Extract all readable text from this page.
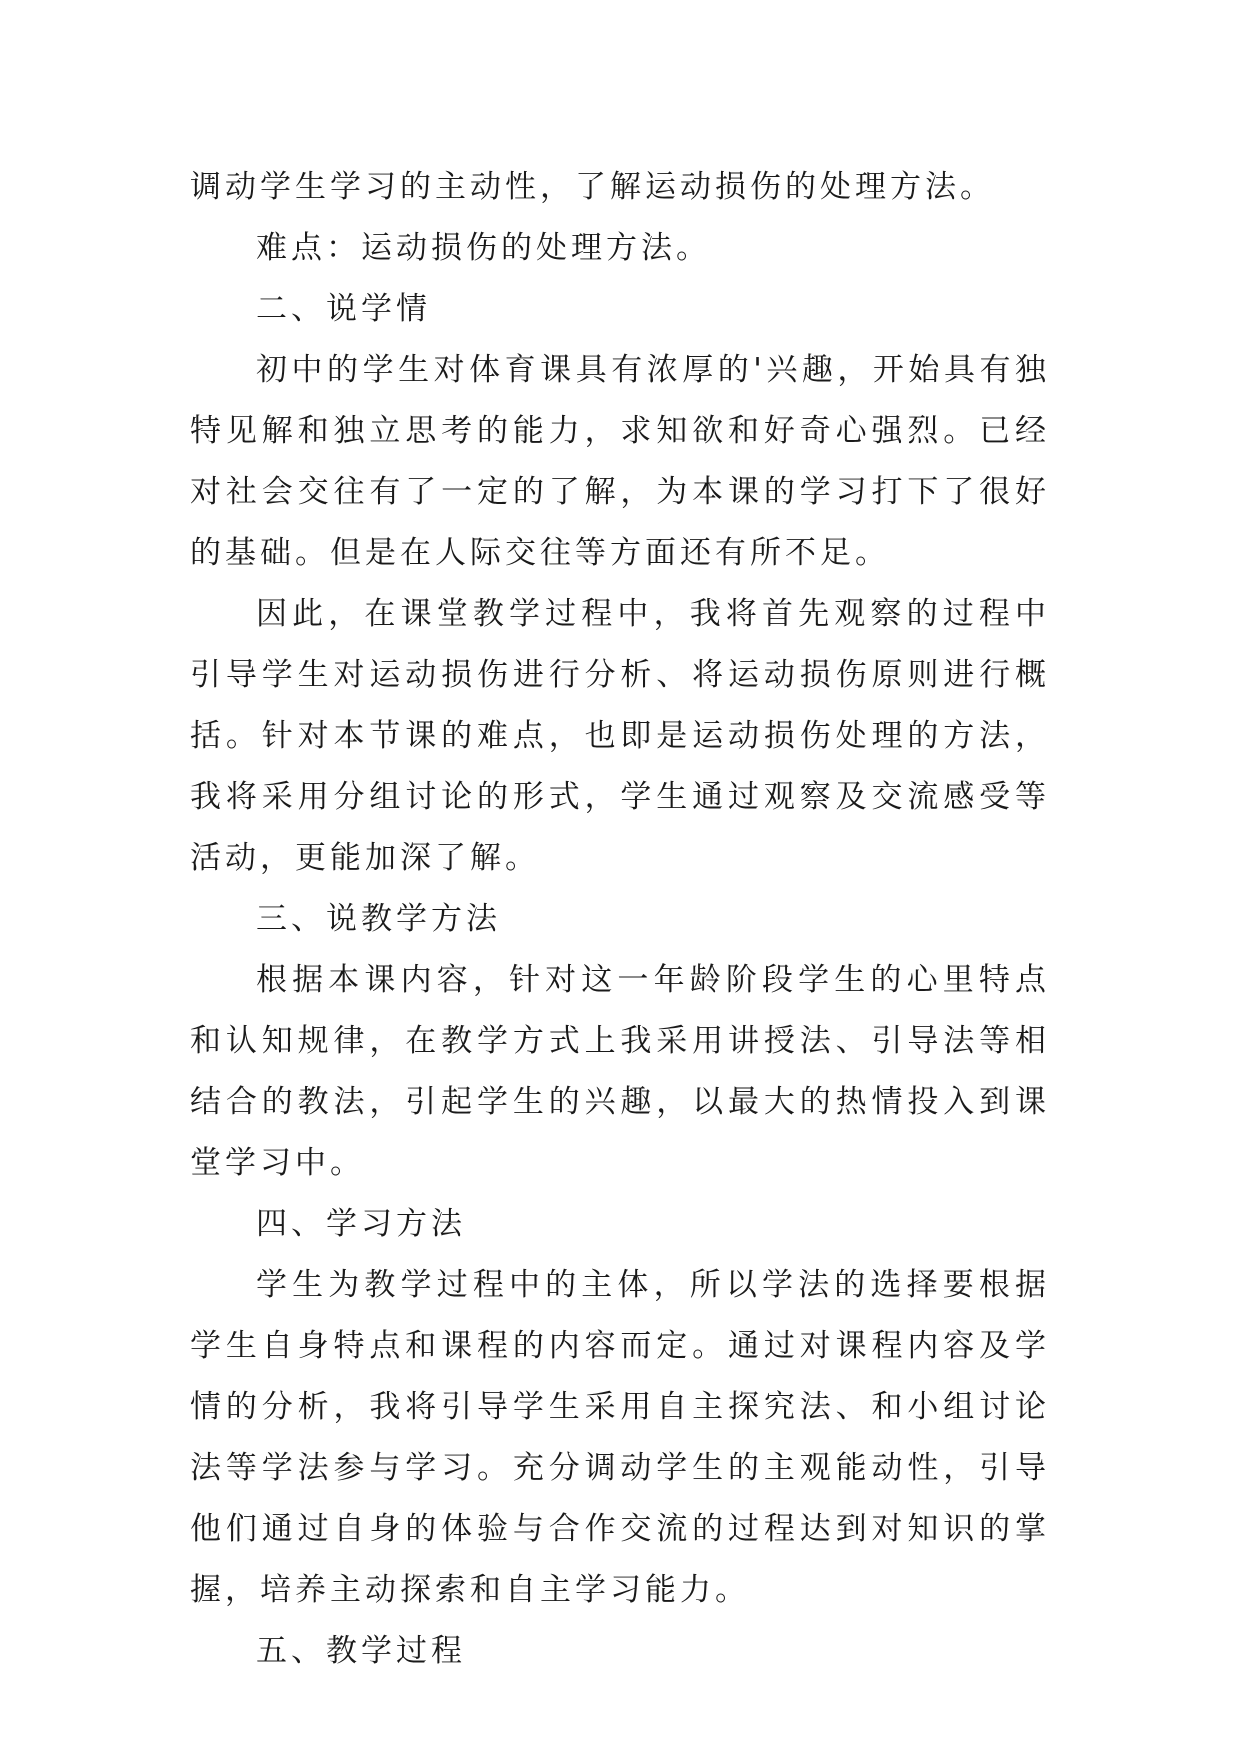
调动学生学习的主动性，了解运动损伤的处理方法。

难点：运动损伤的处理方法。

二、说学情

初中的学生对体育课具有浓厚的'兴趣，开始具有独特见解和独立思考的能力，求知欲和好奇心强烈。已经对社会交往有了一定的了解，为本课的学习打下了很好的基础。但是在人际交往等方面还有所不足。

因此，在课堂教学过程中，我将首先观察的过程中引导学生对运动损伤进行分析、将运动损伤原则进行概括。针对本节课的难点，也即是运动损伤处理的方法，我将采用分组讨论的形式，学生通过观察及交流感受等活动，更能加深了解。

三、说教学方法

根据本课内容，针对这一年龄阶段学生的心里特点和认知规律，在教学方式上我采用讲授法、引导法等相结合的教法，引起学生的兴趣，以最大的热情投入到课堂学习中。

四、学习方法

学生为教学过程中的主体，所以学法的选择要根据学生自身特点和课程的内容而定。通过对课程内容及学情的分析，我将引导学生采用自主探究法、和小组讨论法等学法参与学习。充分调动学生的主观能动性，引导他们通过自身的体验与合作交流的过程达到对知识的掌握，培养主动探索和自主学习能力。

五、教学过程
